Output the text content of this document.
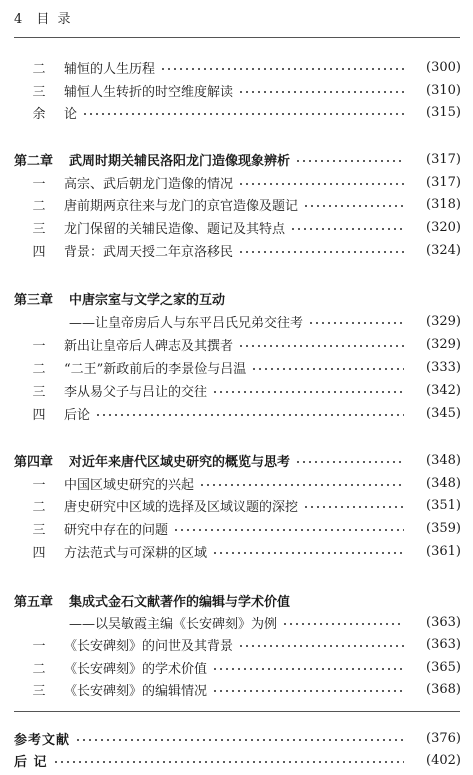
4 目 录
二	辅恒的人生历程	(300)
三	辅恒人生转折的时空维度解读	(310)
余	论	(315)
第二章	武周时期关辅民洛阳龙门造像现象辨析	(317)
一	高宗、武后朝龙门造像的情况	(317)
二	唐前期两京往来与龙门的京官造像及题记	(318)
三	龙门保留的关辅民造像、题记及其特点	(320)
四	背景：武周天授二年京洛移民	(324)
第三章	中唐宗室与文学之家的互动
——让皇帝房后人与东平吕氏兄弟交往考	(329)
一	新出让皇帝后人碑志及其撰者	(329)
二	“二王”新政前后的李景俭与吕温	(333)
三	李从易父子与吕让的交往	(342)
四	后论	(345)
第四章	对近年来唐代区域史研究的概览与思考	(348)
一	中国区域史研究的兴起	(348)
二	唐史研究中区域的选择及区域议题的深挖	(351)
三	研究中存在的问题	(359)
四	方法范式与可深耕的区域	(361)
第五章	集成式金石文献著作的编辑与学术价值
——以吴敏霞主编《长安碑刻》为例	(363)
一	《长安碑刻》的问世及其背景	(363)
二	《长安碑刻》的学术价值	(365)
三	《长安碑刻》的编辑情况	(368)
参考文献	(376)
后 记	(402)
